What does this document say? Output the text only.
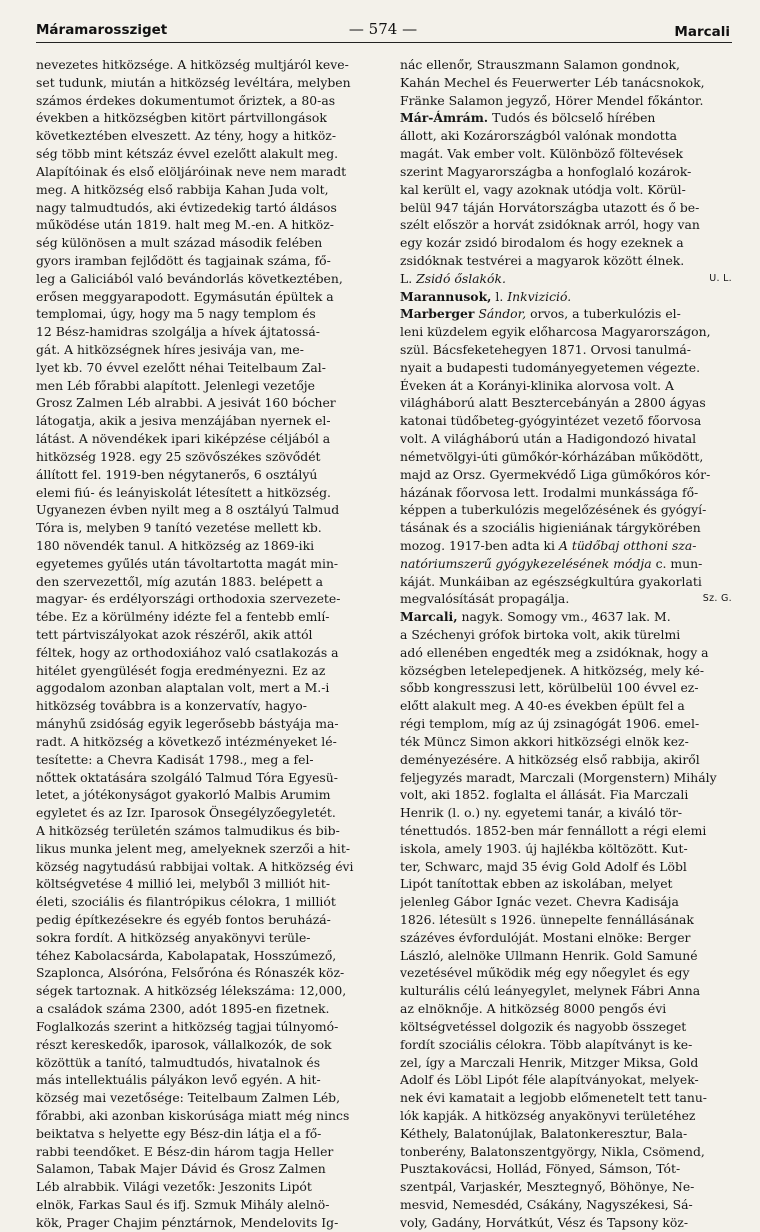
Máramarossziget	— 574 —	Marcali
nevezetes hitközsége. A hitközség multjáról keve-
set tudunk, miután a hitközség levéltára, melyben
számos érdekes dokumentumot őriztek, a 80-as
években a hitközségben kitört pártvillongások
következtében elveszett. Az tény, hogy a hitköz-
ség több mint kétszáz évvel ezelőtt alakult meg.
Alapítóinak és első elöljáróinak neve nem maradt
meg. A hitközség első rabbija Kahan Juda volt,
nagy talmudtudós, aki évtizedekig tartó áldásos
működése után 1819. halt meg M.-en. A hitköz-
ség különösen a mult század második felében
gyors iramban fejlődött és tagjainak száma, fő-
leg a Galiciából való bevándorlás következtében,
erősen meggyarapodott. Egymásután épültek a
templomai, úgy, hogy ma 5 nagy templom és
12 Bész-hamidras szolgálja a hívek ájtatossá-
gát. A hitközségnek híres jesivája van, me-
lyet kb. 70 évvel ezelőtt néhai Teitelbaum Zal-
men Léb főrabbi alapított. Jelenlegi vezetője
Grosz Zalmen Léb alrabbi. A jesivát 160 bócher
látogatja, akik a jesiva menzájában nyernek el-
látást. A növendékek ipari kiképzése céljából a
hitközség 1928. egy 25 szövőszékes szövődét
állított fel. 1919-ben négytanerős, 6 osztályú
elemi fiú- és leányiskolát létesített a hitközség.
Ugyanezen évben nyilt meg a 8 osztályú Talmud
Tóra is, melyben 9 tanító vezetése mellett kb.
180 növendék tanul. A hitközség az 1869-iki
egyetemes gyűlés után távoltartotta magát min-
den szervezettől, míg azután 1883. belépett a
magyar- és erdélyországi orthodoxia szervezete-
tébe. Ez a körülmény idézte fel a fentebb emlí-
tett pártviszályokat azok részéről, akik attól
féltek, hogy az orthodoxiához való csatlakozás a
hitélet gyengülését fogja eredményezni. Ez az
aggodalom azonban alaptalan volt, mert a M.-i
hitközség továbbra is a konzervatív, hagyo-
mányhű zsidóság egyik legerősebb bástyája ma-
radt. A hitközség a következő intézményeket lé-
tesítette: a Chevra Kadisát 1798., meg a fel-
nőttek oktatására szolgáló Talmud Tóra Egyesü-
letet, a jótékonyságot gyakorló Malbis Arumim
egyletet és az Izr. Iparosok Önsegélyzőegyletét.
A hitközség területén számos talmudikus és bib-
likus munka jelent meg, amelyeknek szerzői a hit-
község nagytudású rabbijai voltak. A hitközség évi
költségvetése 4 millió lei, melyből 3 milliót hit-
életi, szociális és filantrópikus célokra, 1 milliót
pedig építkezésekre és egyéb fontos beruházá-
sokra fordít. A hitközség anyakönyvi terüle-
téhez Kabolacsárda, Kabolapatak, Hosszúmező,
Szaplonca, Alsóróna, Felsőróna és Rónaszék köz-
ségek tartoznak. A hitközség lélekszáma: 12,000,
a családok száma 2300, adót 1895-en fizetnek.
Foglalkozás szerint a hitközség tagjai túlnyomó-
részt kereskedők, iparosok, vállalkozók, de sok
közöttük a tanító, talmudtudós, hivatalnok és
más intellektuális pályákon levő egyén. A hit-
község mai vezetősége: Teitelbaum Zalmen Léb,
főrabbi, aki azonban kiskorúsága miatt még nincs
beiktatva s helyette egy Bész-din látja el a fő-
rabbi teendőket. E Bész-din három tagja Heller
Salamon, Tabak Majer Dávid és Grosz Zalmen
Léb alrabbik. Világi vezetők: Jeszonits Lipót
elnök, Farkas Saul és ifj. Szmuk Mihály alelnö-
kök, Prager Chajim pénztárnok, Mendelovits Ig-
nác ellenőr, Strauszmann Salamon gondnok,
Kahán Mechel és Feuerwerter Léb tanácsnokok,
Fränke Salamon jegyző, Hörer Mendel főkántor.
Már-Ámrám. Tudós és bölcselő hírében
állott, aki Kozárországból valónak mondotta
magát. Vak ember volt. Különböző föltevések
szerint Magyarországba a honfoglaló kozárok-
kal került el, vagy azoknak utódja volt. Körül-
belül 947 táján Horvátországba utazott és ő be-
szélt először a horvát zsidóknak arról, hogy van
egy kozár zsidó birodalom és hogy ezeknek a
zsidóknak testvérei a magyarok között élnek.
U. L.
L. Zsidó őslakók.
Marannusok, l. Inkvizició.
Marberger Sándor, orvos, a tuberkulózis el-
leni küzdelem egyik előharcosa Magyarországon,
szül. Bácsfeketehegyen 1871. Orvosi tanulmá-
nyait a budapesti tudományegyetemen végezte.
Éveken át a Korányi-klinika alorvosa volt. A
világháború alatt Besztercebányán a 2800 ágyas
katonai tüdőbeteg-gyógyintézet vezető főorvosa
volt. A világháború után a Hadigondozó hivatal
németvölgyi-úti gümőkór-kórházában működött,
majd az Orsz. Gyermekvédő Liga gümőkóros kór-
házának főorvosa lett. Irodalmi munkássága fő-
képpen a tuberkulózis megelőzésének és gyógyí-
tásának és a szociális higieniának tárgykörében
mozog. 1917-ben adta ki A tüdőbaj otthoni sza-
natóriumszerű gyógykezelésének módja c. mun-
káját. Munkáiban az egészségkultúra gyakorlati
Sz. G.
megvalósítását propagálja.
Marcali, nagyk. Somogy vm., 4637 lak. M.
a Széchenyi grófok birtoka volt, akik türelmi
adó ellenében engedték meg a zsidóknak, hogy a
községben letelepedjenek. A hitközség, mely ké-
sőbb kongresszusi lett, körülbelül 100 évvel ez-
előtt alakult meg. A 40-es években épült fel a
régi templom, míg az új zsinagógát 1906. emel-
ték Müncz Simon akkori hitközségi elnök kez-
deményezésére. A hitközség első rabbija, akiről
feljegyzés maradt, Marczali (Morgenstern) Mihály
volt, aki 1852. foglalta el állását. Fia Marczali
Henrik (l. o.) ny. egyetemi tanár, a kiváló tör-
ténettudós. 1852-ben már fennállott a régi elemi
iskola, amely 1903. új hajlékba költözött. Kut-
ter, Schwarc, majd 35 évig Gold Adolf és Löbl
Lipót tanítottak ebben az iskolában, melyet
jelenleg Gábor Ignác vezet. Chevra Kadisája
1826. létesült s 1926. ünnepelte fennállásának
százéves évfordulóját. Mostani elnöke: Berger
László, alelnöke Ullmann Henrik. Gold Samuné
vezetésével működik még egy nőegylet és egy
kulturális célú leányegylet, melynek Fábri Anna
az elnöknője. A hitközség 8000 pengős évi
költségvetéssel dolgozik és nagyobb összeget
fordít szociális célokra. Több alapítványt is ke-
zel, így a Marczali Henrik, Mitzger Miksa, Gold
Adolf és Löbl Lipót féle alapítványokat, melyek-
nek évi kamatait a legjobb előmenetelt tett tanu-
lók kapják. A hitközség anyakönyvi területéhez
Kéthely, Balatonújlak, Balatonkeresztur, Bala-
tonberény, Balatonszentgyörgy, Nikla, Csömend,
Pusztakovácsi, Hollád, Fönyed, Sámson, Tót-
szentpál, Varjaskér, Mesztegnyő, Böhönye, Ne-
mesvid, Nemesdéd, Csákány, Nagyszékesi, Sá-
voly, Gadány, Horvátkút, Vész és Tapsony köz-
